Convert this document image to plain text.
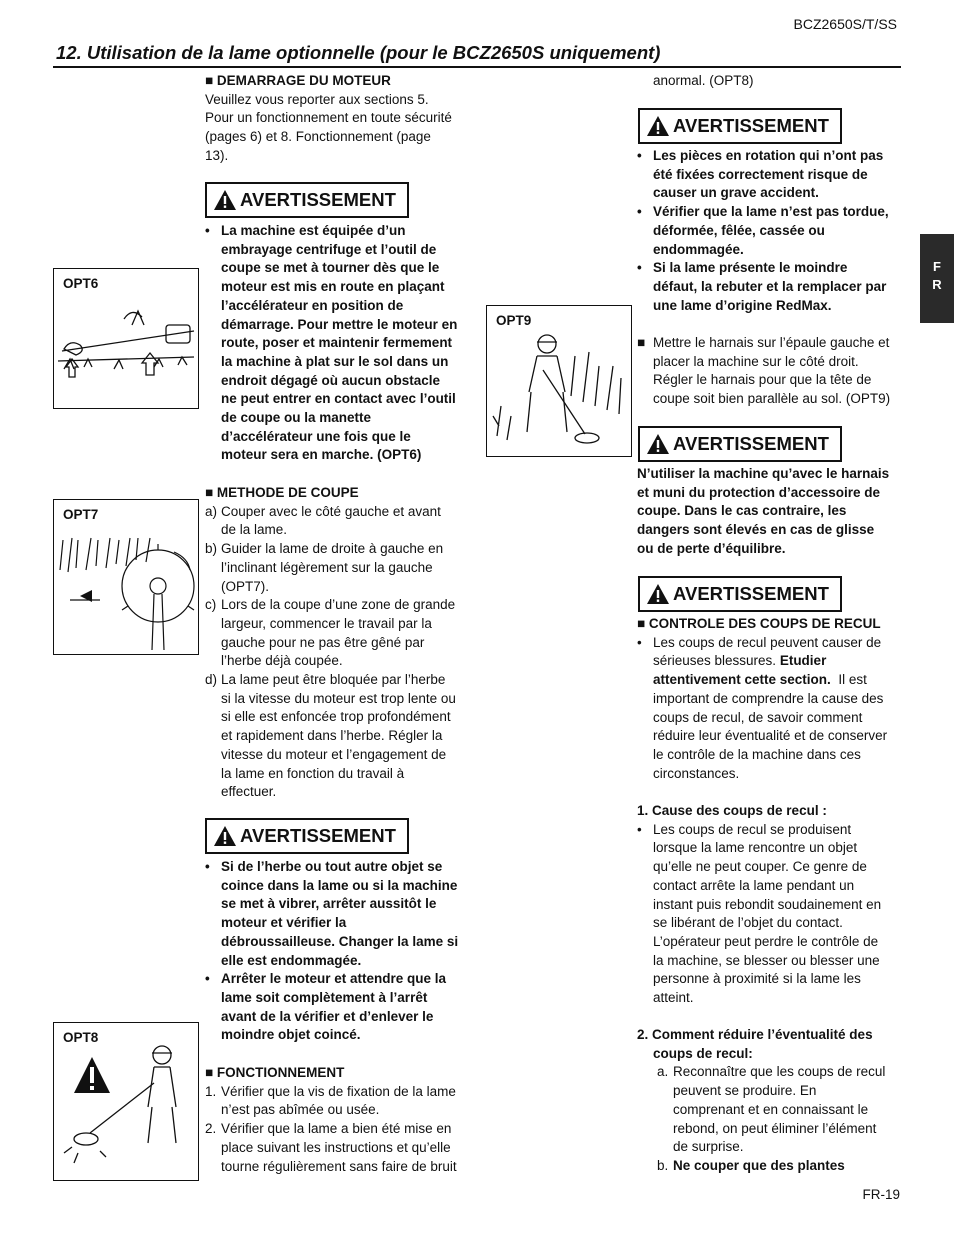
BCZ2650S/T/SS
12. Utilisation de la lame optionnelle (pour le BCZ2650S uniquement)
F
R
OPT6
OPT7
OPT8
OPT9

■ DEMARRAGE DU MOTEUR

Veuillez vous reporter aux sections 5.

Pour un fonctionnement en toute sécurité

(pages 6) et 8. Fonctionnement (page

13).

AVERTISSEMENT
• La machine est équipée d’un

embrayage centrifuge et l’outil de

coupe se met à tourner dès que le

moteur est mis en route en plaçant

l’accélérateur en position de

démarrage. Pour mettre le moteur en

route, poser et maintenir fermement

la machine à plat sur le sol dans un

endroit dégagé où aucun obstacle

ne peut entrer en contact avec l’outil

de coupe ou la manette

d’accélérateur une fois que le

moteur sera en marche. (OPT6)

■ METHODE DE COUPE

a) Couper avec le côté gauche et avant

de la lame.

b) Guider la lame de droite à gauche en

l’inclinant légèrement sur la gauche

(OPT7).

c) Lors de la coupe d’une zone de grande

largeur, commencer le travail par la

gauche pour ne pas être gêné par

l’herbe déjà coupée.

d) La lame peut être bloquée par l’herbe

si la vitesse du moteur est trop lente ou

si elle est enfoncée trop profondément

et rapidement dans l’herbe. Régler la

vitesse du moteur et l’engagement de

la lame en fonction du travail à

effectuer.

AVERTISSEMENT
• Si de l’herbe ou tout autre objet se

coince dans la lame ou si la machine

se met à vibrer, arrêter aussitôt le

moteur et vérifier la

débroussailleuse. Changer la lame si

elle est endommagée.

• Arrêter le moteur et attendre que la

lame soit complètement à l’arrêt

avant de la vérifier et d’enlever le

moindre objet coincé.

■ FONCTIONNEMENT

1. Vérifier que la vis de fixation de la lame

n’est pas abîmée ou usée.

2. Vérifier que la lame a bien été mise en

place suivant les instructions et qu’elle

tourne régulièrement sans faire de bruit

anormal. (OPT8)

AVERTISSEMENT
• Les pièces en rotation qui n’ont pas

été fixées correctement risque de

causer un grave accident.

• Vérifier que la lame n’est pas tordue,

déformée, fêlée, cassée ou

endommagée.

• Si la lame présente le moindre

défaut, la rebuter et la remplacer par

une lame d’origine RedMax.

■ Mettre le harnais sur l’épaule gauche et

placer la machine sur le côté droit.

Régler le harnais pour que la tête de

coupe soit bien parallèle au sol. (OPT9)

AVERTISSEMENT

N’utiliser la machine qu’avec le harnais

et muni du protection d’accessoire de

coupe. Dans le cas contraire, les

dangers sont élevés en cas de glisse

ou de perte d’équilibre.

AVERTISSEMENT

■ CONTROLE DES COUPS DE RECUL

• Les coups de recul peuvent causer de

sérieuses blessures. Etudier

attentivement cette section.  Il est

important de comprendre la cause des

coups de recul, de savoir comment

réduire leur éventualité et de conserver

le contrôle de la machine dans ces

circonstances.

1. Cause des coups de recul :

• Les coups de recul se produisent

lorsque la lame rencontre un objet

qu’elle ne peut couper. Ce genre de

contact arrête la lame pendant un

instant puis rebondit soudainement en

se libérant de l’objet du contact.

L’opérateur peut perdre le contrôle de

la machine, se blesser ou blesser une

personne à proximité si la lame les

atteint.

2. Comment réduire l’éventualité des

coups de recul:

a. Reconnaître que les coups de recul

peuvent se produire. En

comprenant et en connaissant le

rebond, on peut éliminer l’élément

de surprise.

b. Ne couper que des plantes

FR-19
